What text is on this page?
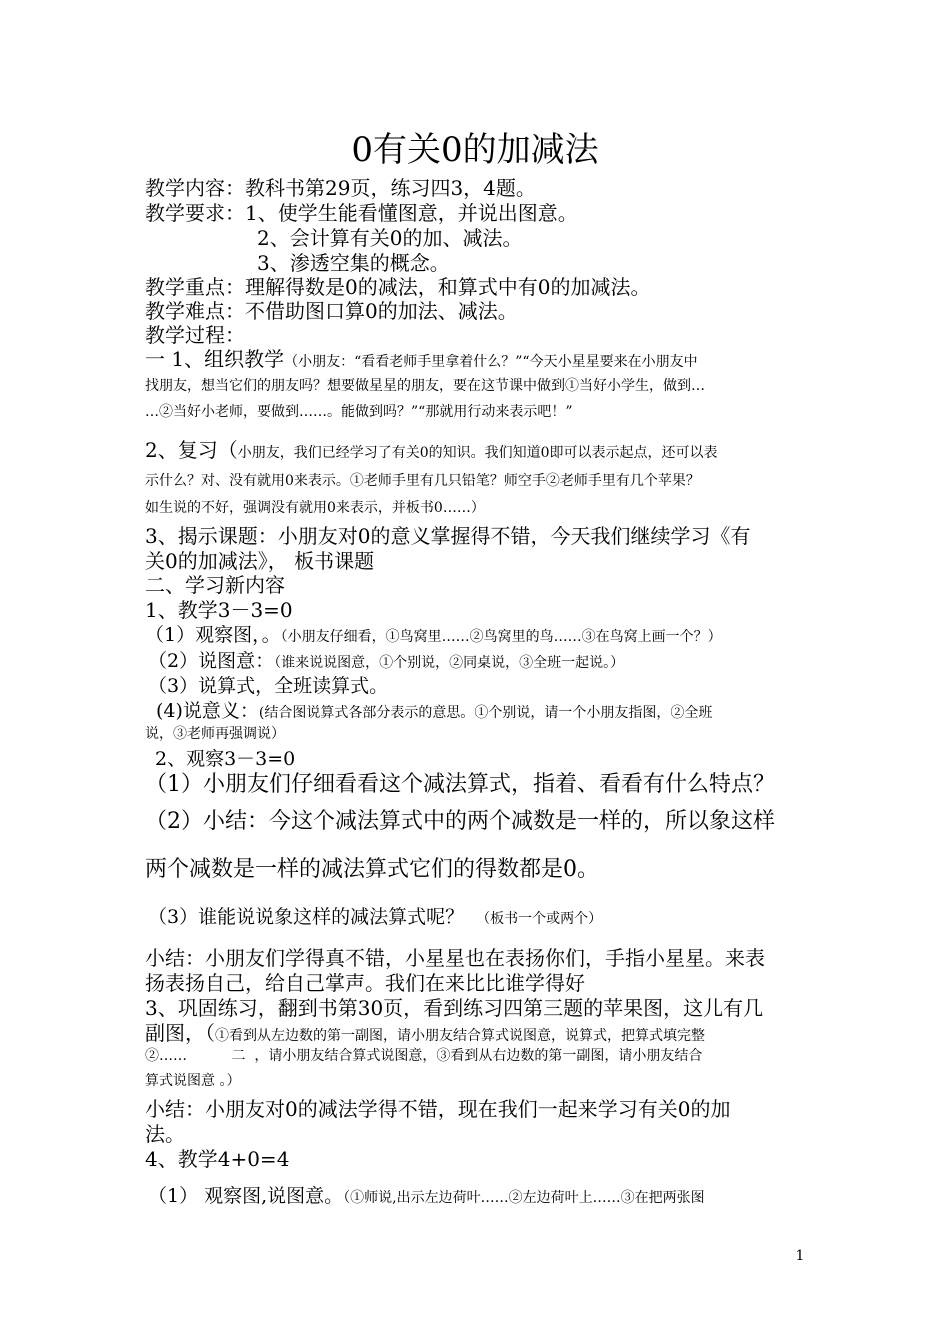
0有关0的加减法
教学内容：教科书第29页，练习四3，4题。
教学要求：1、使学生能看懂图意，并说出图意。
2、会计算有关0的加、减法。
3、渗透空集的概念。
教学重点：理解得数是0的减法，和算式中有0的加减法。
教学难点：不借助图口算0的加法、减法。
教学过程：
一 1、组织教学（小朋友：“看看老师手里拿着什么？”“今天小星星要来在小朋友中
找朋友，想当它们的朋友吗？想要做星星的朋友，要在这节课中做到①当好小学生，做到…
…②当好小老师，要做到……。能做到吗？”“那就用行动来表示吧！”
2、复习（小朋友，我们已经学习了有关0的知识。我们知道0即可以表示起点，还可以表
示什么？对、没有就用0来表示。①老师手里有几只铅笔？师空手②老师手里有几个苹果？
如生说的不好，强调没有就用0来表示，并板书0……）
3、揭示课题：小朋友对0的意义掌握得不错，今天我们继续学习《有
关0的加减法》， 板书课题
二、学习新内容
1、教学3－3=0
（1）观察图，。（小朋友仔细看，①鸟窝里……②鸟窝里的鸟……③在鸟窝上画一个？）
（2）说图意：（谁来说说图意，①个别说，②同桌说，③全班一起说。）
（3）说算式，全班读算式。
(4)说意义：(结合图说算式各部分表示的意思。①个别说，请一个小朋友指图，②全班
说，③老师再强调说）
2、观察3－3=0
（1）小朋友们仔细看看这个减法算式，指着、看看有什么特点？
（2）小结：今这个减法算式中的两个减数是一样的，所以象这样
两个减数是一样的减法算式它们的得数都是0。
（3）谁能说说象这样的减法算式呢？ （板书一个或两个）
小结：小朋友们学得真不错，小星星也在表扬你们，手指小星星。来表
扬表扬自己，给自己掌声。我们在来比比谁学得好
3、巩固练习，翻到书第30页，看到练习四第三题的苹果图，这儿有几
副图，（①看到从左边数的第一副图，请小朋友结合算式说图意，说算式，把算式填完整
②……          二  ，请小朋友结合算式说图意，③看到从右边数的第一副图，请小朋友结合
算式说图意 。）
小结：小朋友对0的减法学得不错，现在我们一起来学习有关0的加
法。
4、教学4+0=4
（1） 观察图,说图意。（①师说,出示左边荷叶……②左边荷叶上……③在把两张图
1
